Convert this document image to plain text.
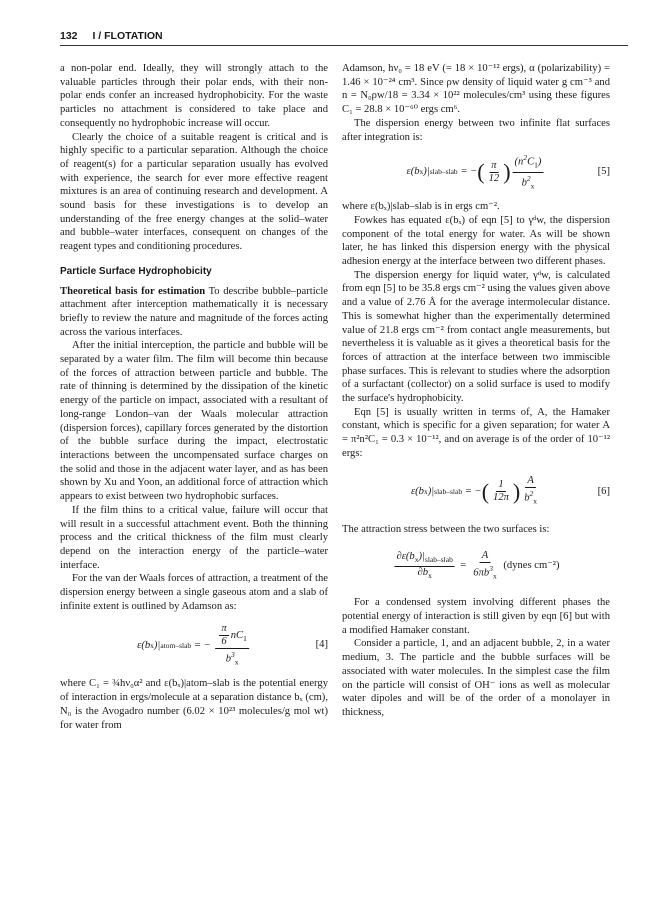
132 I / FLOTATION

a non-polar end. Ideally, they will strongly attach to the valuable particles through their polar ends, with their non-polar ends confer an increased hydrophobicity. For the waste particles no attachment is considered to take place and consequently no hydrophobic increase will occur.

Clearly the choice of a suitable reagent is critical and is highly specific to a particular separation. Although the choice of reagent(s) for a particular separation usually has evolved with experience, the search for ever more effective reagent mixtures is an area of continuing research and development. A sound basis for these investigations is to develop an understanding of the free energy changes at the solid–water and bubble–water interfaces, consequent on changes of the reagent types and conditioning procedures.

Particle Surface Hydrophobicity

Theoretical basis for estimation To describe bubble–particle attachment after interception mathematically it is necessary briefly to review the nature and magnitude of the forces acting across the various interfaces.

After the initial interception, the particle and bubble will be separated by a water film. The film will become thin because of the forces of attraction between particle and bubble. The rate of thinning is determined by the dissipation of the kinetic energy of the particle on impact, associated with a resultant of long-range London–van der Waals molecular attraction (dispersion forces), capillary forces generated by the distortion of the bubble surface during the impact, electrostatic interactions between the uncompensated surface charges on the solid and those in the adjacent water layer, and as has been shown by Xu and Yoon, an additional force of attraction which appears to exist between two hydrophobic surfaces.

If the film thins to a critical value, failure will occur that will result in a successful attachment event. Both the thinning process and the critical thickness of the film must clearly depend on the interaction energy of the particle–water interface.

For the van der Waals forces of attraction, a treatment of the dispersion energy between a single gaseous atom and a slab of infinite extent is outlined by Adamson as:

ε( b x )| atom–slab = − $\frac{\frac{\pi}{6} nC_1}{b^3_x}$	[4]

where C₁ = ¾hν₀α² and ε(bₓ)|atom–slab is the potential energy of interaction in ergs/molecule at a separation distance bₓ (cm), N₀ is the Avogadro number (6.02 × 10²³ molecules/g mol wt) for water from

Adamson, hν₀ = 18 eV (= 18 × 10⁻¹² ergs), α (polarizability) = 1.46 × 10⁻²⁴ cm³. Since ρw density of liquid water g cm⁻³ and n = N₀ρw/18 = 3.34 × 10²² molecules/cm³ using these figures C₁ = 28.8 × 10⁻⁶⁰ ergs cm⁶.

The dispersion energy between two infinite flat surfaces after integration is:

ε(b x )| slab–slab = − ( $\frac{\pi}{12}$ ) $\frac{(n^2C_1)}{b^2_x}$	[5]

where ε(bₓ)|slab–slab is in ergs cm⁻².

Fowkes has equated ε(bₓ) of eqn [5] to γᵈw, the dispersion component of the total energy for water. As will be shown later, he has linked this dispersion energy with the physical adhesion energy at the interface between two different phases.

The dispersion energy for liquid water, γᵈw, is calculated from eqn [5] to be 35.8 ergs cm⁻² using the values given above and a value of 2.76 Å for the average intermolecular distance. This is somewhat higher than the experimentally determined value of 21.8 ergs cm⁻² from contact angle measurements, but nevertheless it is valuable as it gives a theoretical basis for the forces of attraction at the interface between two immiscible phase surfaces. This is relevant to studies where the adsorption of a surfactant (collector) on a solid surface is used to modify the surface's hydrophobicity.

Eqn [5] is usually written in terms of, A, the Hamaker constant, which is specific for a given separation; for water A = π²n²C₁ = 0.3 × 10⁻¹², and on average is of the order of 10⁻¹² ergs:

ε(b x )| slab–slab = − ( $\frac{1}{12\pi}$ ) $\frac{A}{b^2_x}$	[6]

The attraction stress between the two surfaces is:

$\frac{\partial\varepsilon(b_x)|_{slab-slab}}{\partial b_x} = \frac{A}{6\pi b^3_x}$
(dynes cm⁻²)

For a condensed system involving different phases the potential energy of interaction is still given by eqn [6] but with a modified Hamaker constant.

Consider a particle, 1, and an adjacent bubble, 2, in a water medium, 3. The particle and the bubble surfaces will be associated with water molecules. In the simplest case the film on the particle will consist of OH⁻ ions as well as molecular water dipoles and will be of the order of a monolayer in thickness,
